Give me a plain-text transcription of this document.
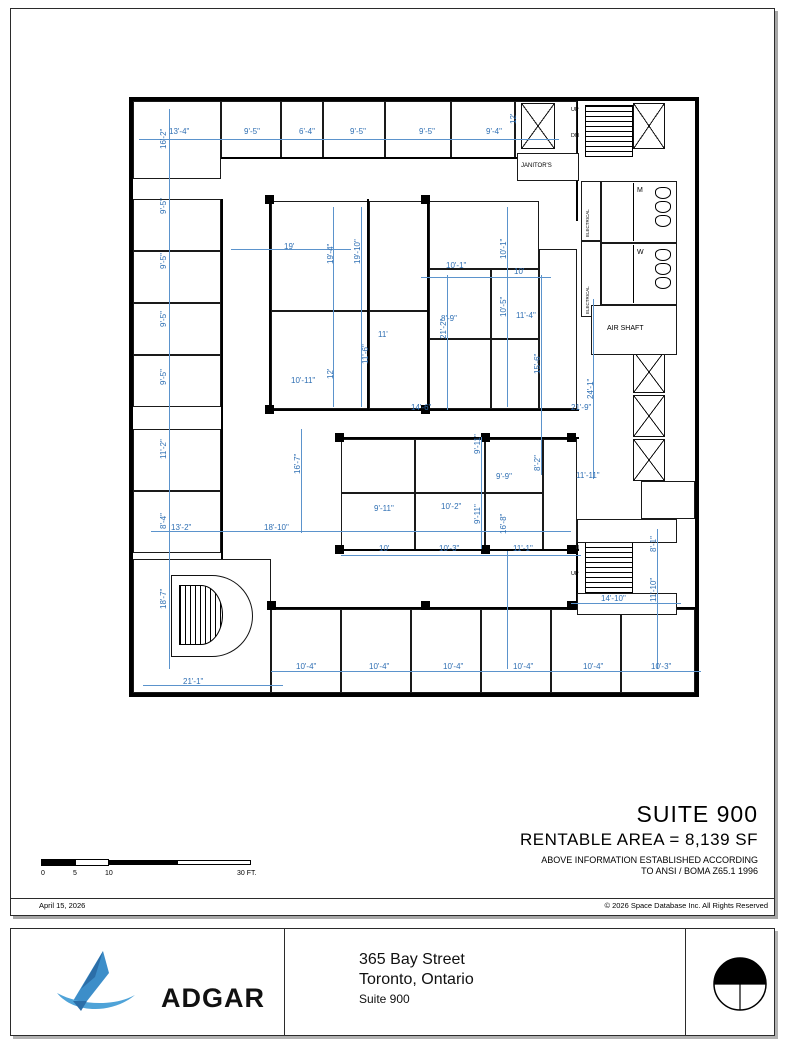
13'-4"	9'-5"	6'-4"	9'-5"	9'-5"	9'-4"
19'
10'-1"
10'
8'-9"	11'-4"
11'
10'-11"
14'-6"	21'-9"
9'-9"	11'-11"
9'-11"	10'-2"
13'-2"	18'-10"
10'	10'-3"	11'-1"
14'-10"
10'-4"	10'-4"	10'-4"	10'-4"	10'-4"	10'-3"
21'-1"
16'-2"
12'
9'-5"
9'-5"
9'-5"
9'-5"
11'-2"
8'-4"
18'-7"
19'-4" 19'-10"
12'
11'-6"
21'-2"
10'-1"
10'-5"
15'-6"
24'-1"
16'-7"
9'-11"
8'-2"
9'-11" 16'-8"
8'-1"
11'-10"
JANITOR'S
AIR SHAFT
M
W
UP
DN
DN
UP
ELECTRICAL
ELECTRICAL
SUITE 900
RENTABLE AREA = 8,139 SF
ABOVE INFORMATION ESTABLISHED ACCORDING
TO ANSI / BOMA Z65.1 1996
0	5	10	30 FT.
April 15, 2026	© 2026 Space Database Inc. All Rights Reserved
ADGAR
365 Bay Street
Toronto, Ontario
Suite 900
